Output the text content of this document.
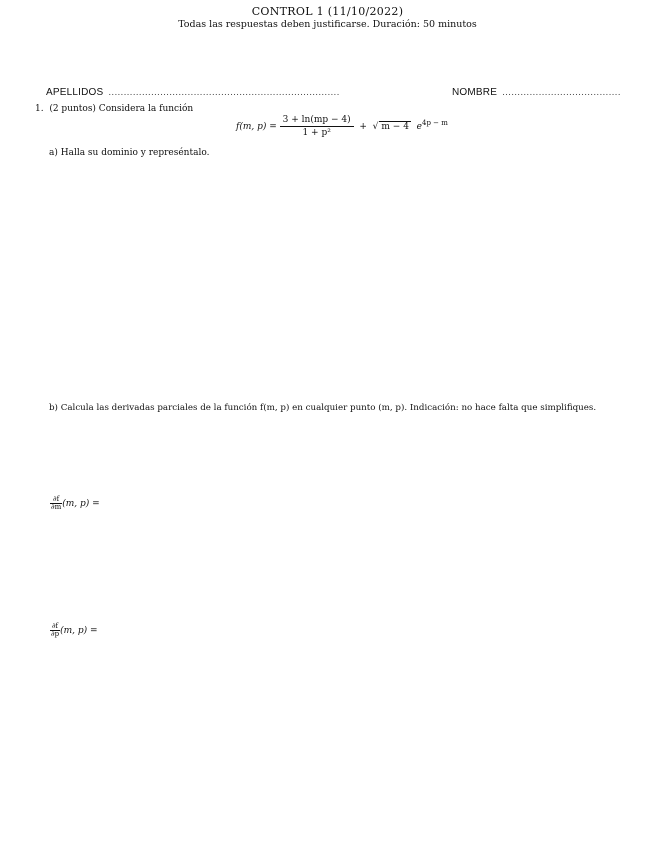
CONTROL 1 (11/10/2022)
Todas las respuestas deben justificarse. Duración: 50 minutos
APELLIDOS ............................................................................	NOMBRE .......................................
1. (2 puntos) Considera la función
f(m, $p) = \frac{3 + \ln(mp - 4)}{\text{1 + p²}}$ + √ m − 4 $e^{4p - m}$
a) Halla su dominio y represéntalo.
b) Calcula las derivadas parciales de la función f(m, p) en cualquier punto (m, p). Indicación: no hace falta que simplifiques.
$\frac{\partial f}{\partial m} (m$, p) =
$\frac{\partial f}{\partial p} (m$, p) =
